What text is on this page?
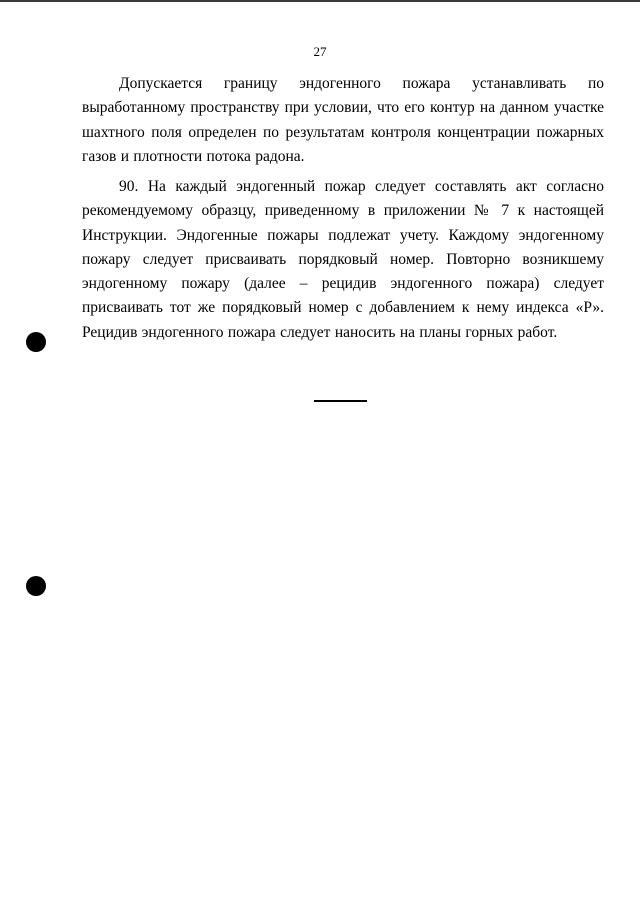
27

Допускается границу эндогенного пожара устанавливать по
выработанному пространству при условии, что его контур на данном участке шахтного поля определен по результатам контроля концентрации пожарных газов и плотности потока радона.

90. На каждый эндогенный пожар следует составлять акт согласно рекомендуемому образцу, приведенному в приложении № 7 к настоящей Инструкции. Эндогенные пожары подлежат учету. Каждому эндогенному пожару следует присваивать порядковый номер. Повторно возникшему эндогенному пожару (далее – рецидив эндогенного пожара) следует присваивать тот же порядковый номер с добавлением к нему индекса «Р». Рецидив эндогенного пожара следует наносить на планы горных работ.
